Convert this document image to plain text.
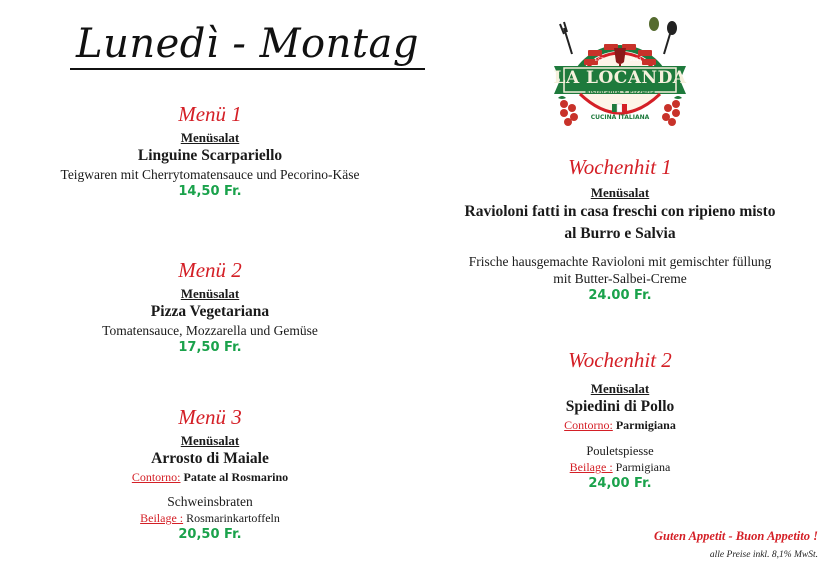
Lunedì - Montag
LA LOCANDA
Ristorante • Pizzeria
CUCINA ITALIANA
EST	2013
Menü 1
Menüsalat
Linguine Scarpariello
Teigwaren mit Cherrytomatensauce und Pecorino-Käse
14,50 Fr.
Menü 2
Menüsalat
Pizza Vegetariana
Tomatensauce, Mozzarella und Gemüse
17,50 Fr.
Menü 3
Menüsalat
Arrosto di Maiale
Contorno: Patate al Rosmarino
Schweinsbraten
Beilage : Rosmarinkartoffeln
20,50 Fr.
Wochenhit 1
Menüsalat
Ravioloni fatti in casa freschi con ripieno misto
al Burro e Salvia
Frische hausgemachte Ravioloni mit gemischter füllung
mit Butter-Salbei-Creme
24.00 Fr.
Wochenhit 2
Menüsalat
Spiedini di Pollo
Contorno: Parmigiana
Pouletspiesse
Beilage : Parmigiana
24,00 Fr.
Guten Appetit - Buon Appetito !
alle Preise inkl. 8,1% MwSt.
